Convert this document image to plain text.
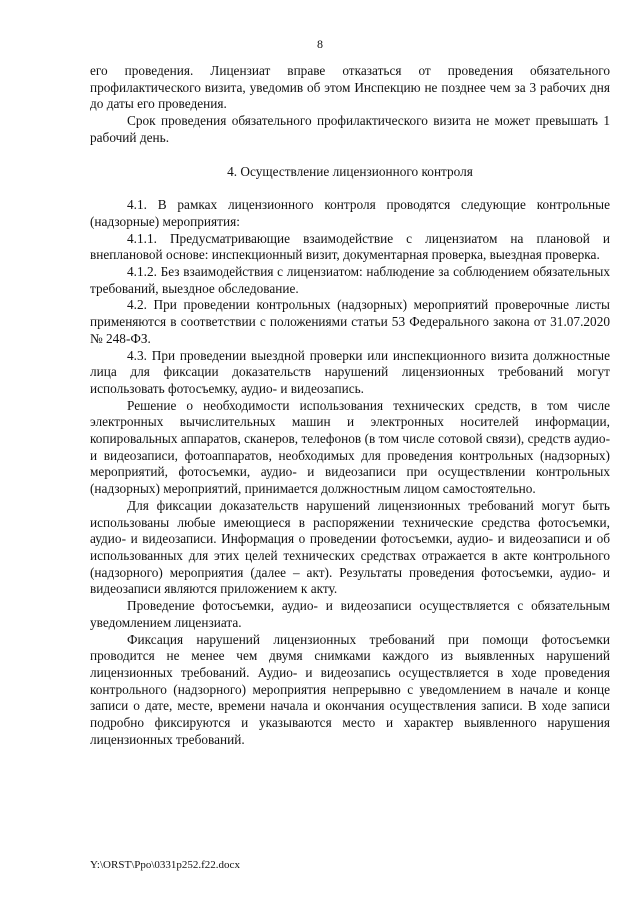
8

его проведения. Лицензиат вправе отказаться от проведения обязательного профилактического визита, уведомив об этом Инспекцию не позднее чем за 3 рабочих дня до даты его проведения.

Срок проведения обязательного профилактического визита не может превышать 1 рабочий день.

4. Осуществление лицензионного контроля

4.1. В рамках лицензионного контроля проводятся следующие контрольные (надзорные) мероприятия:

4.1.1. Предусматривающие взаимодействие с лицензиатом на плановой и внеплановой основе: инспекционный визит, документарная проверка, выездная проверка.

4.1.2. Без взаимодействия с лицензиатом: наблюдение за соблюдением обязательных требований, выездное обследование.

4.2. При проведении контрольных (надзорных) мероприятий проверочные листы применяются в соответствии с положениями статьи 53 Федерального закона от 31.07.2020 № 248-ФЗ.

4.3. При проведении выездной проверки или инспекционного визита должностные лица для фиксации доказательств нарушений лицензионных требований могут использовать фотосъемку, аудио- и видеозапись.

Решение о необходимости использования технических средств, в том числе электронных вычислительных машин и электронных носителей информации, копировальных аппаратов, сканеров, телефонов (в том числе сотовой связи), средств аудио- и видеозаписи, фотоаппаратов, необходимых для проведения контрольных (надзорных) мероприятий, фотосъемки, аудио- и видеозаписи при осуществлении контрольных (надзорных) мероприятий, принимается должностным лицом самостоятельно.

Для фиксации доказательств нарушений лицензионных требований могут быть использованы любые имеющиеся в распоряжении технические средства фотосъемки, аудио- и видеозаписи. Информация о проведении фотосъемки, аудио- и видеозаписи и об использованных для этих целей технических средствах отражается в акте контрольного (надзорного) мероприятия (далее – акт). Результаты проведения фотосъемки, аудио- и видеозаписи являются приложением к акту.

Проведение фотосъемки, аудио- и видеозаписи осуществляется с обязательным уведомлением лицензиата.

Фиксация нарушений лицензионных требований при помощи фотосъемки проводится не менее чем двумя снимками каждого из выявленных нарушений лицензионных требований. Аудио- и видеозапись осуществляется в ходе проведения контрольного (надзорного) мероприятия непрерывно с уведомлением в начале и конце записи о дате, месте, времени начала и окончания осуществления записи. В ходе записи подробно фиксируются и указываются место и характер выявленного нарушения лицензионных требований.

Y:\ORST\Ppo\0331p252.f22.docx
